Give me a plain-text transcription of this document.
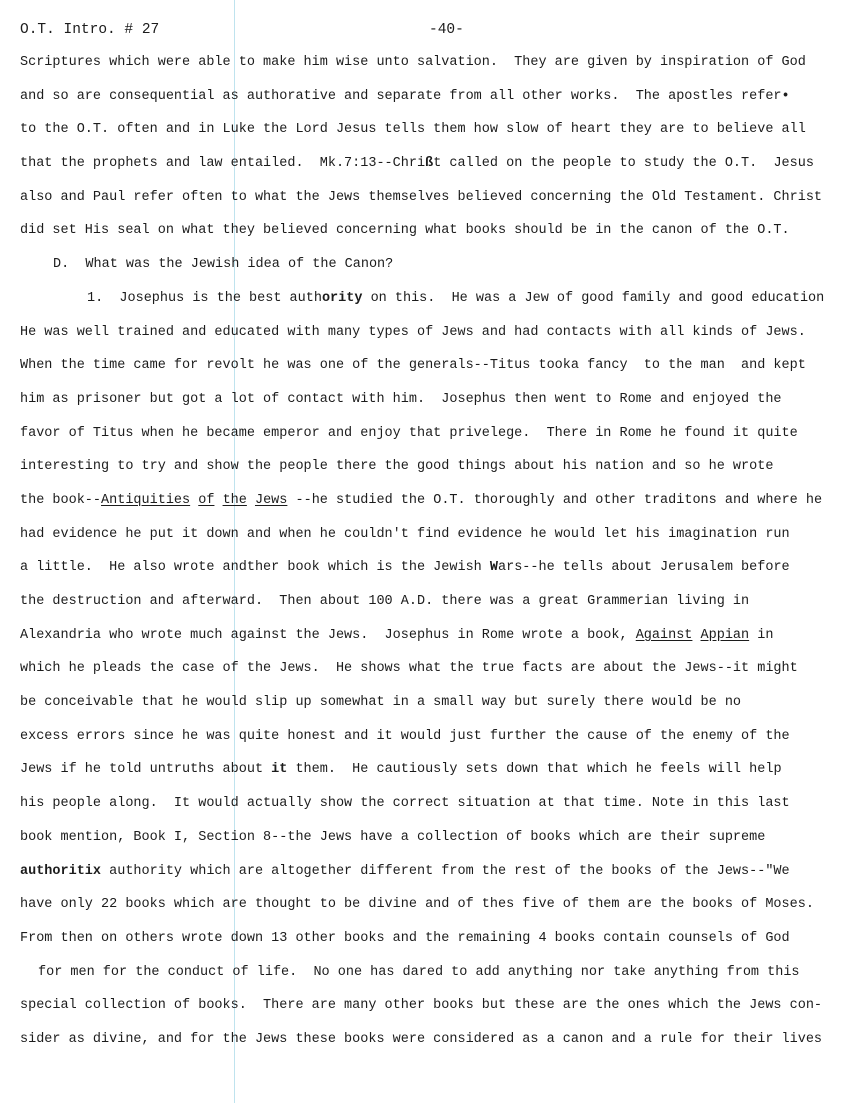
O.T. Intro. # 27	-40-
Scriptures which were able to make him wise unto salvation.  They are given by inspiration of God
and so are consequential as authorative and separate from all other works.  The apostles refer•
to the O.T. often and in Luke the Lord Jesus tells them how slow of heart they are to believe all
that the prophets and law entailed.  Mk.7:13--Chrißt called on the people to study the O.T.  Jesus
also and Paul refer often to what the Jews themselves believed concerning the Old Testament. Christ
did set His seal on what they believed concerning what books should be in the canon of the O.T.
D.  What was the Jewish idea of the Canon?
1.  Josephus is the best authority on this.  He was a Jew of good family and good education
He was well trained and educated with many types of Jews and had contacts with all kinds of Jews.
When the time came for revolt he was one of the generals--Titus tooka fancy  to the man  and kept
him as prisoner but got a lot of contact with him.  Josephus then went to Rome and enjoyed the
favor of Titus when he became emperor and enjoy that privelege.  There in Rome he found it quite
interesting to try and show the people there the good things about his nation and so he wrote
the book--Antiquities of the Jews --he studied the O.T. thoroughly and other traditons and where he
had evidence he put it down and when he couldn't find evidence he would let his imagination run
a little.  He also wrote andther book which is the Jewish Wars--he tells about Jerusalem before
the destruction and afterward.  Then about 100 A.D. there was a great Grammerian living in
Alexandria who wrote much against the Jews.  Josephus in Rome wrote a book, Against Appian in
which he pleads the case of the Jews.  He shows what the true facts are about the Jews--it might
be conceivable that he would slip up somewhat in a small way but surely there would be no
excess errors since he was quite honest and it would just further the cause of the enemy of the
Jews if he told untruths about it them.  He cautiously sets down that which he feels will help
his people along.  It would actually show the correct situation at that time. Note in this last
book mention, Book I, Section 8--the Jews have a collection of books which are their supreme
authoritix authority which are altogether different from the rest of the books of the Jews--"We
have only 22 books which are thought to be divine and of thes five of them are the books of Moses.
From then on others wrote down 13 other books and the remaining 4 books contain counsels of God
for men for the conduct of life.  No one has dared to add anything nor take anything from this
special collection of books.  There are many other books but these are the ones which the Jews con-
sider as divine, and for the Jews these books were considered as a canon and a rule for their lives
